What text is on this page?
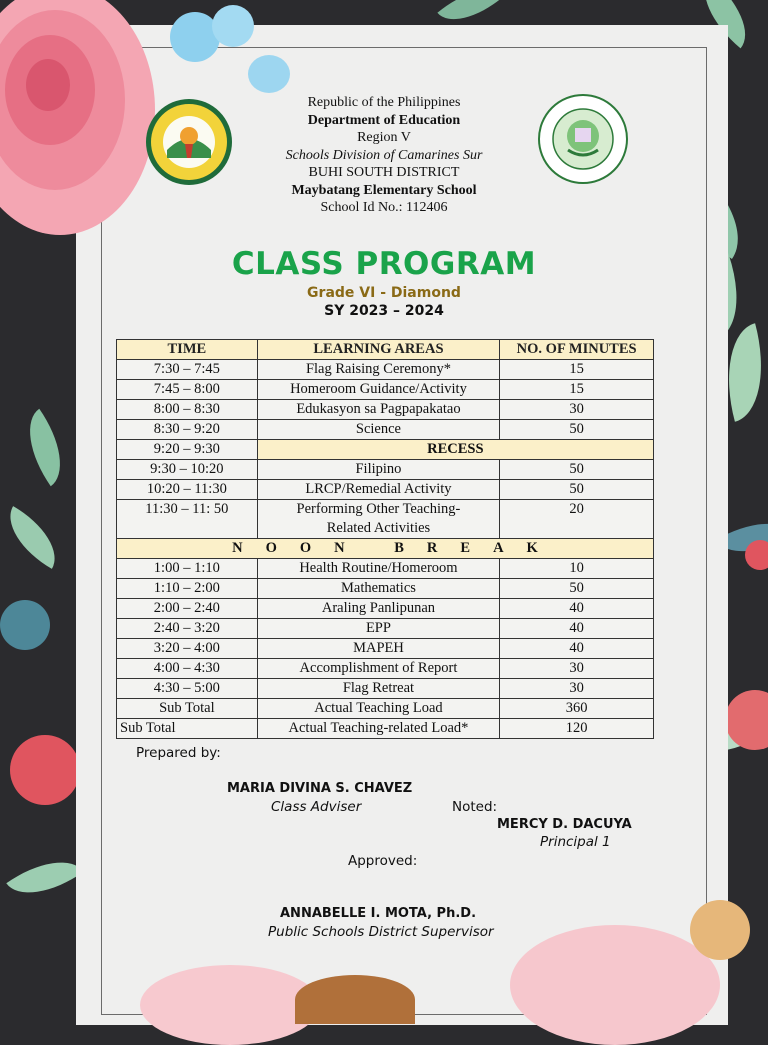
Republic of the Philippines
Department of Education
Region V
Schools Division of Camarines Sur
BUHI SOUTH DISTRICT
Maybatang Elementary School
School Id No.: 112406
CLASS PROGRAM
Grade VI - Diamond
SY 2023 – 2024
TIME	LEARNING AREAS	NO. OF MINUTES
7:30 – 7:45	Flag Raising Ceremony*	15
7:45 – 8:00	Homeroom Guidance/Activity	15
8:00 – 8:30	Edukasyon sa Pagpapakatao	30
8:30 – 9:20	Science	50
9:20 – 9:30	RECESS	
9:30 – 10:20	Filipino	50
10:20 – 11:30	LRCP/Remedial Activity	50
11:30 – 11: 50	Performing Other Teaching-
Related Activities	20
NOON BREAK		
1:00 – 1:10	Health Routine/Homeroom	10
1:10 – 2:00	Mathematics	50
2:00 – 2:40	Araling Panlipunan	40
2:40 – 3:20	EPP	40
3:20 – 4:00	MAPEH	40
4:00 – 4:30	Accomplishment of Report	30
4:30 – 5:00	Flag Retreat	30
Sub Total	Actual Teaching Load	360
Sub Total	Actual Teaching-related Load*	120
Prepared by:
MARIA DIVINA S. CHAVEZ
Class Adviser	Noted:
MERCY D. DACUYA
Principal 1
Approved:
ANNABELLE I. MOTA, Ph.D.
Public Schools District Supervisor
